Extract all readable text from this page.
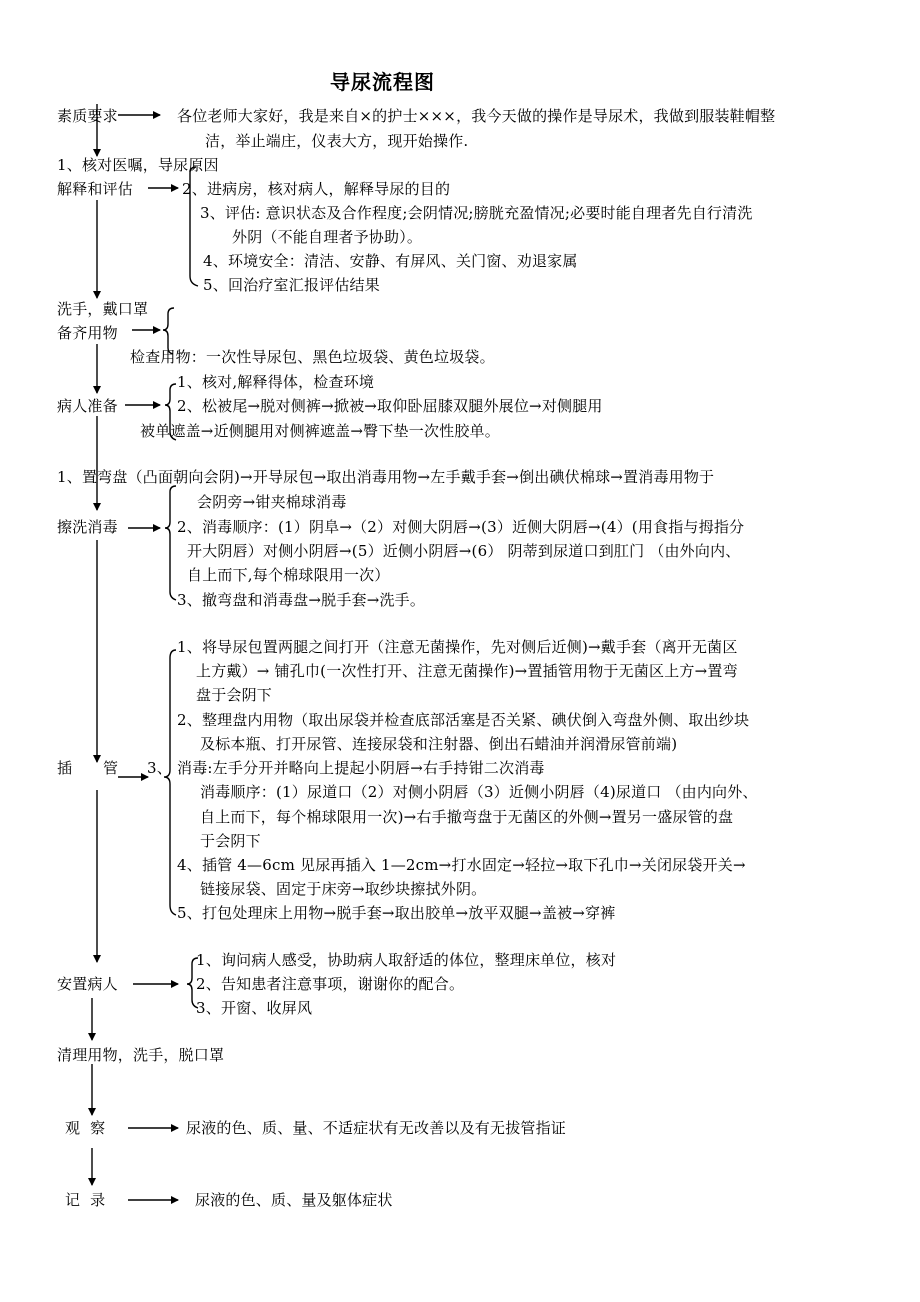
导尿流程图
素质要求	各位老师大家好，我是来自×的护士×××，我今天做的操作是导尿术，我做到服装鞋帽整
洁，举止端庄，仪表大方，现开始操作.
1、核对医嘱，导尿原因
解释和评估	2、进病房，核对病人，解释导尿的目的
3、评估: 意识状态及合作程度;会阴情况;膀胱充盈情况;必要时能自理者先自行清洗
外阴（不能自理者予协助）。
4、环境安全：清洁、安静、有屏风、关门窗、劝退家属
5、回治疗室汇报评估结果
洗手，戴口罩
备齐用物
检查用物：一次性导尿包、黑色垃圾袋、黄色垃圾袋。
1、核对,解释得体，检查环境
病人准备	2、松被尾→脱对侧裤→掀被→取仰卧屈膝双腿外展位→对侧腿用
被单遮盖→近侧腿用对侧裤遮盖→臀下垫一次性胶单。
1、置弯盘（凸面朝向会阴)→开导尿包→取出消毒用物→左手戴手套→倒出碘伏棉球→置消毒用物于
会阴旁→钳夹棉球消毒
擦洗消毒	2、消毒顺序：(1）阴阜→（2）对侧大阴唇→(3）近侧大阴唇→(4）(用食指与拇指分
开大阴唇）对侧小阴唇→(5）近侧小阴唇→(6） 阴蒂到尿道口到肛门 （由外向内、
自上而下,每个棉球限用一次）
3、撤弯盘和消毒盘→脱手套→洗手。
1、将导尿包置两腿之间打开（注意无菌操作，先对侧后近侧)→戴手套（离开无菌区
上方戴）→ 铺孔巾(一次性打开、注意无菌操作)→置插管用物于无菌区上方→置弯
盘于会阴下
2、整理盘内用物（取出尿袋并检查底部活塞是否关紧、碘伏倒入弯盘外侧、取出纱块
及标本瓶、打开尿管、连接尿袋和注射器、倒出石蜡油并润滑尿管前端)
插 管 3、 消毒:左手分开并略向上提起小阴唇→右手持钳二次消毒
消毒顺序：(1）尿道口（2）对侧小阴唇（3）近侧小阴唇（4)尿道口 （由内向外、
自上而下，每个棉球限用一次)→右手撤弯盘于无菌区的外侧→置另一盛尿管的盘
于会阴下
4、插管 4—6cm 见尿再插入 1—2cm→打水固定→轻拉→取下孔巾→关闭尿袋开关→
链接尿袋、固定于床旁→取纱块擦拭外阴。
5、打包处理床上用物→脱手套→取出胶单→放平双腿→盖被→穿裤
1、询问病人感受，协助病人取舒适的体位，整理床单位，核对
安置病人	2、告知患者注意事项，谢谢你的配合。
3、开窗、收屏风
清理用物，洗手，脱口罩
观  察	尿液的色、质、量、不适症状有无改善以及有无拔管指证
记  录	尿液的色、质、量及躯体症状
